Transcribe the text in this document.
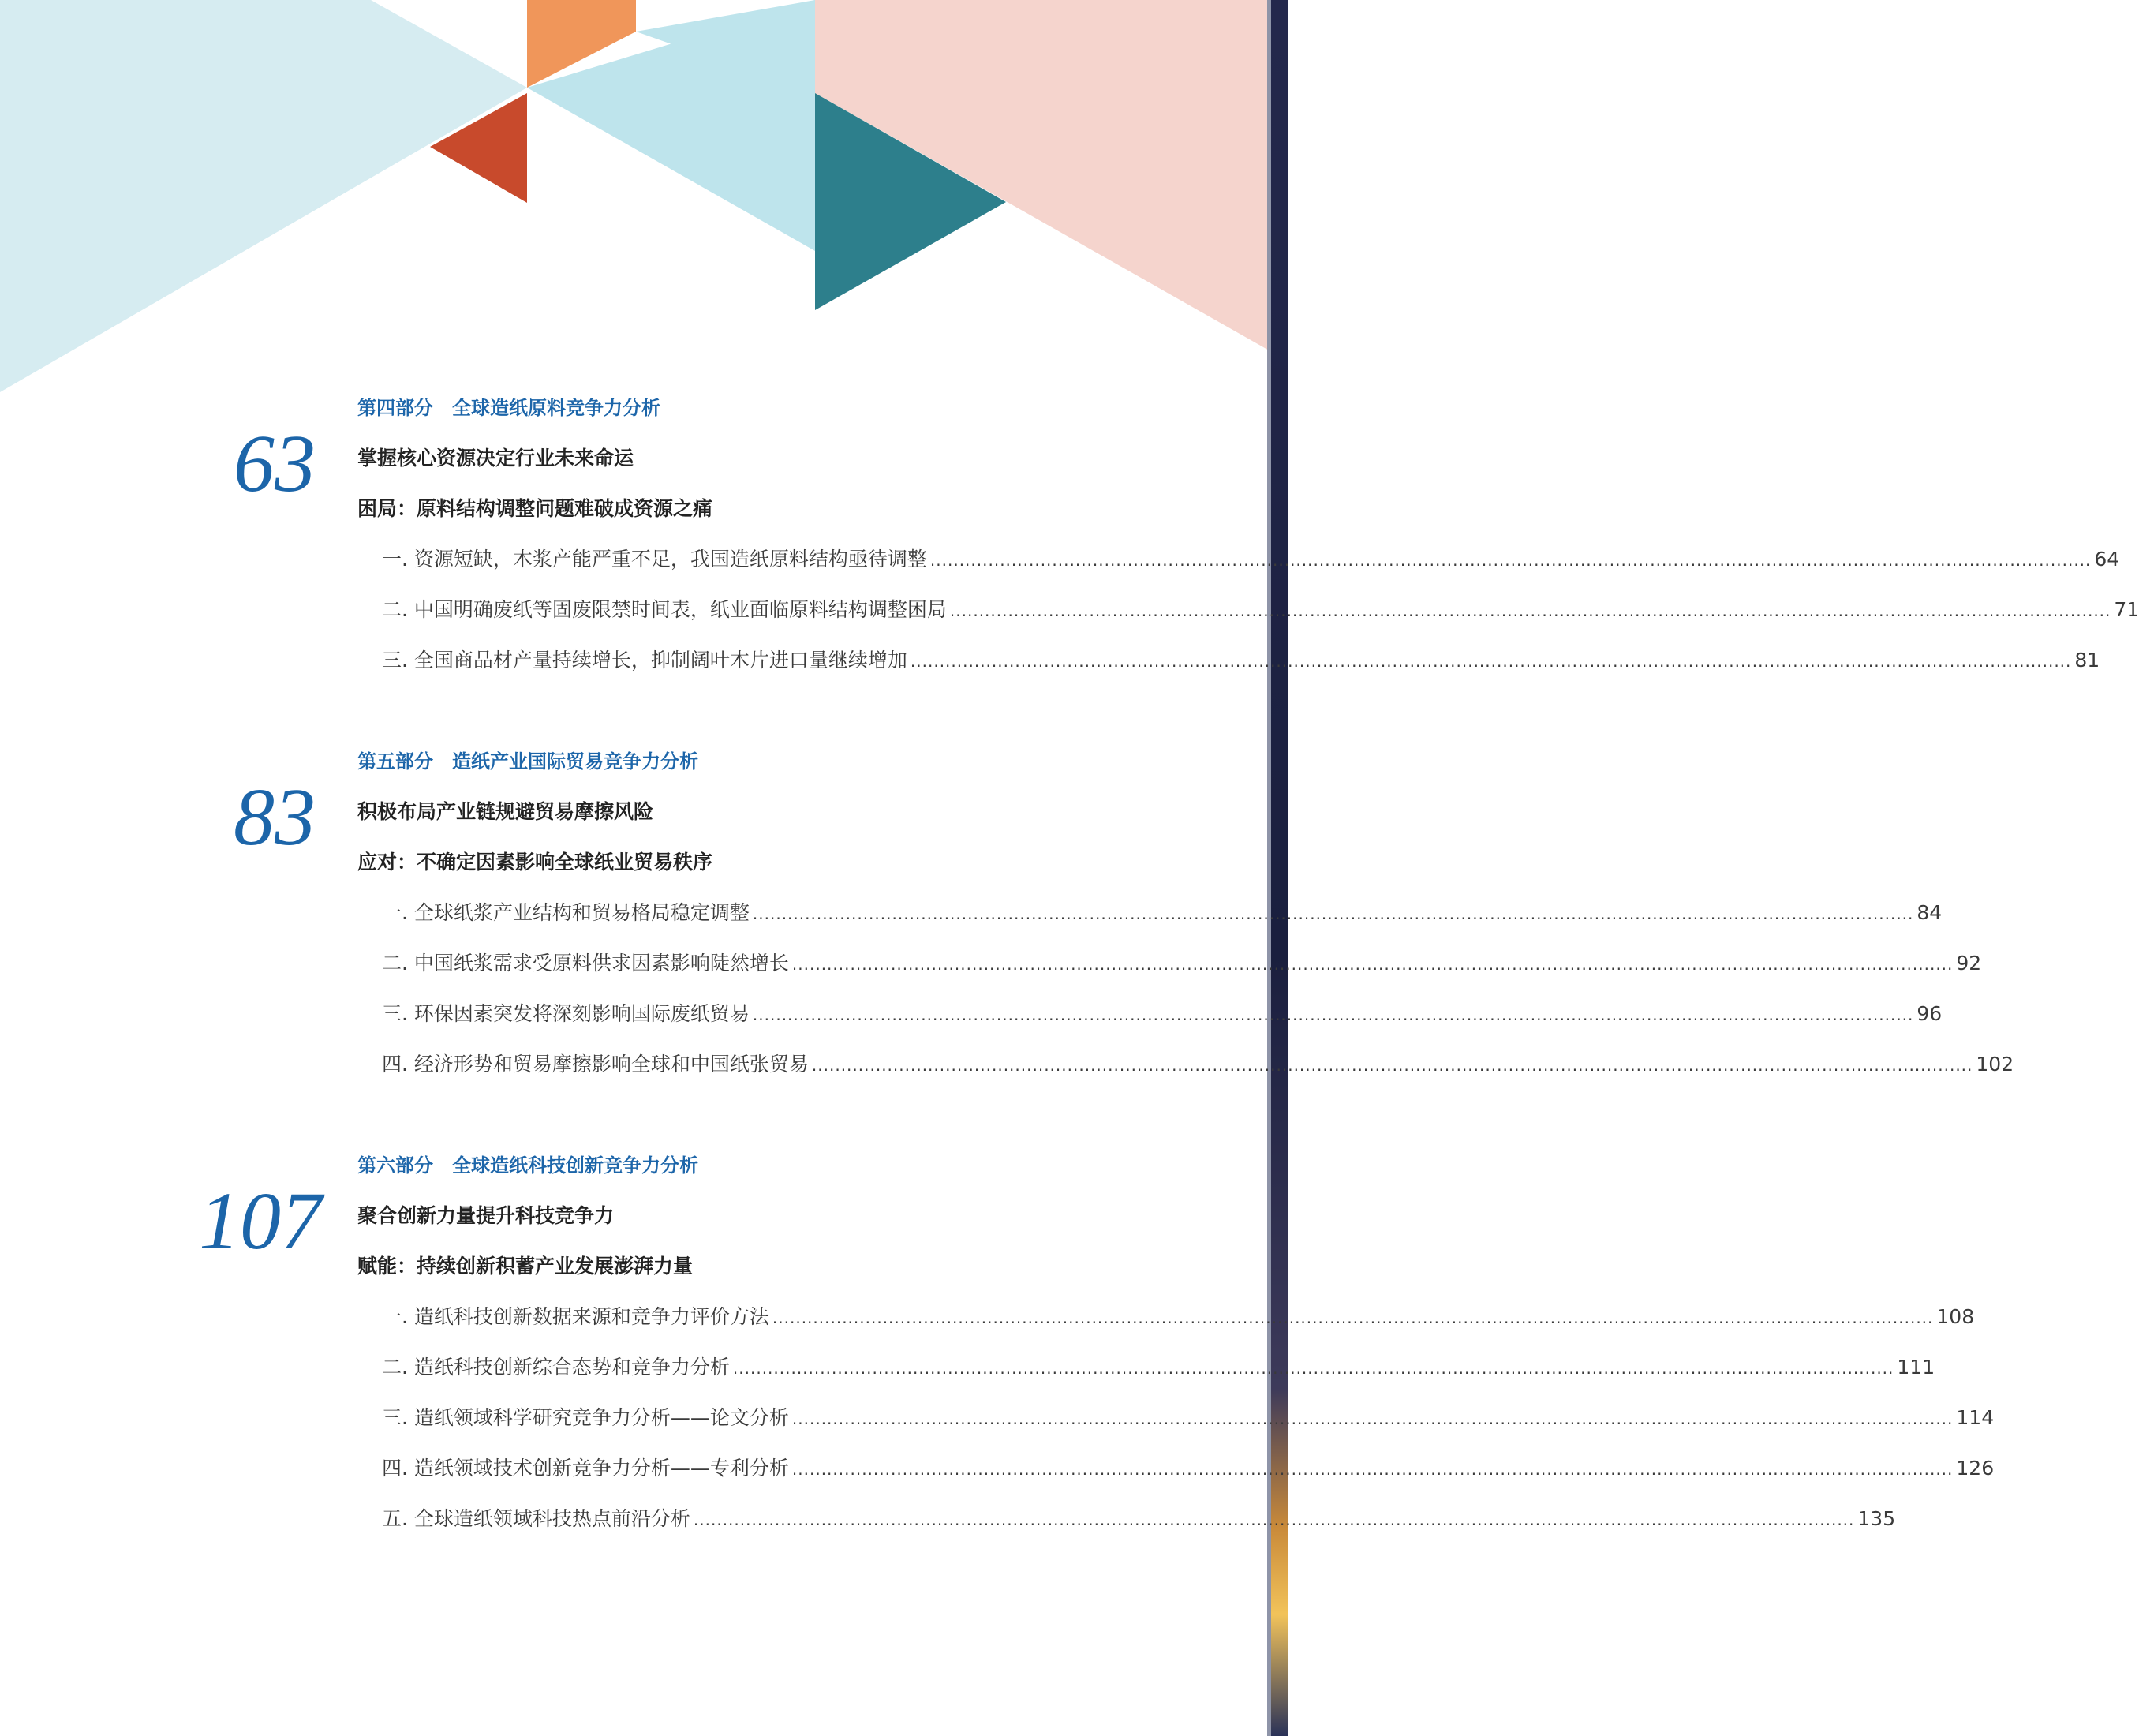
63
第四部分　全球造纸原料竞争力分析
掌握核心资源决定行业未来命运
困局：原料结构调整问题难破成资源之痛
一. 资源短缺，木浆产能严重不足，我国造纸原料结构亟待调整 ........................................................................................................................................................................................................ 64
二. 中国明确废纸等固废限禁时间表，纸业面临原料结构调整困局 ........................................................................................................................................................................................................ 71
三. 全国商品材产量持续增长，抑制阔叶木片进口量继续增加 ........................................................................................................................................................................................................ 81
83
第五部分　造纸产业国际贸易竞争力分析
积极布局产业链规避贸易摩擦风险
应对：不确定因素影响全球纸业贸易秩序
一. 全球纸浆产业结构和贸易格局稳定调整 ........................................................................................................................................................................................................ 84
二. 中国纸浆需求受原料供求因素影响陡然增长 ........................................................................................................................................................................................................ 92
三. 环保因素突发将深刻影响国际废纸贸易 ........................................................................................................................................................................................................ 96
四. 经济形势和贸易摩擦影响全球和中国纸张贸易 ........................................................................................................................................................................................................ 102
107
第六部分　全球造纸科技创新竞争力分析
聚合创新力量提升科技竞争力
赋能：持续创新积蓄产业发展澎湃力量
一. 造纸科技创新数据来源和竞争力评价方法 ........................................................................................................................................................................................................ 108
二. 造纸科技创新综合态势和竞争力分析 ........................................................................................................................................................................................................ 111
三. 造纸领域科学研究竞争力分析——论文分析 ........................................................................................................................................................................................................ 114
四. 造纸领域技术创新竞争力分析——专利分析 ........................................................................................................................................................................................................ 126
五. 全球造纸领域科技热点前沿分析 ........................................................................................................................................................................................................ 135
